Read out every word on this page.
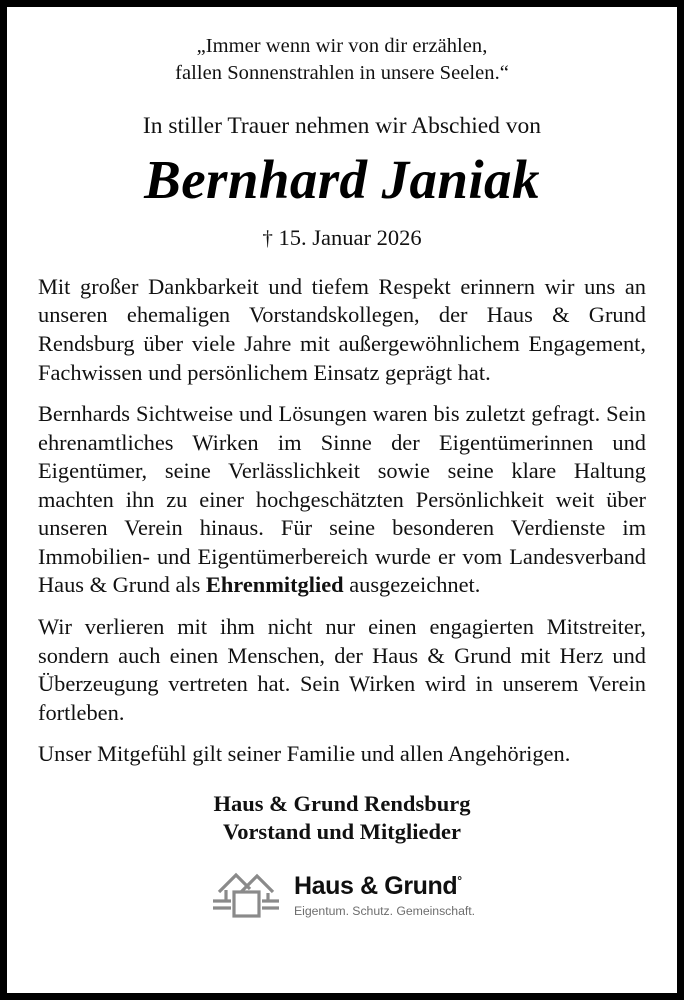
„Immer wenn wir von dir erzählen,
fallen Sonnenstrahlen in unsere Seelen.“
In stiller Trauer nehmen wir Abschied von
Bernhard Janiak
† 15. Januar 2026

Mit großer Dankbarkeit und tiefem Respekt erinnern wir uns an unseren ehemaligen Vorstandskollegen, der Haus & Grund Rendsburg über viele Jahre mit außergewöhnlichem Engagement, Fachwissen und persönlichem Einsatz geprägt hat.

Bernhards Sichtweise und Lösungen waren bis zuletzt gefragt. Sein ehrenamtliches Wirken im Sinne der Eigentümerinnen und Eigentümer, seine Verlässlichkeit sowie seine klare Haltung machten ihn zu einer hochgeschätzten Persönlichkeit weit über unseren Verein hinaus. Für seine besonderen Verdienste im Immobilien- und Eigentümerbereich wurde er vom Landesverband Haus & Grund als Ehrenmitglied ausgezeichnet.

Wir verlieren mit ihm nicht nur einen engagierten Mitstreiter, sondern auch einen Menschen, der Haus & Grund mit Herz und Überzeugung vertreten hat. Sein Wirken wird in unserem Verein fortleben.

Unser Mitgefühl gilt seiner Familie und allen Angehörigen.

Haus & Grund Rendsburg
Vorstand und Mitglieder
Haus & Grund°
Eigentum. Schutz. Gemeinschaft.
